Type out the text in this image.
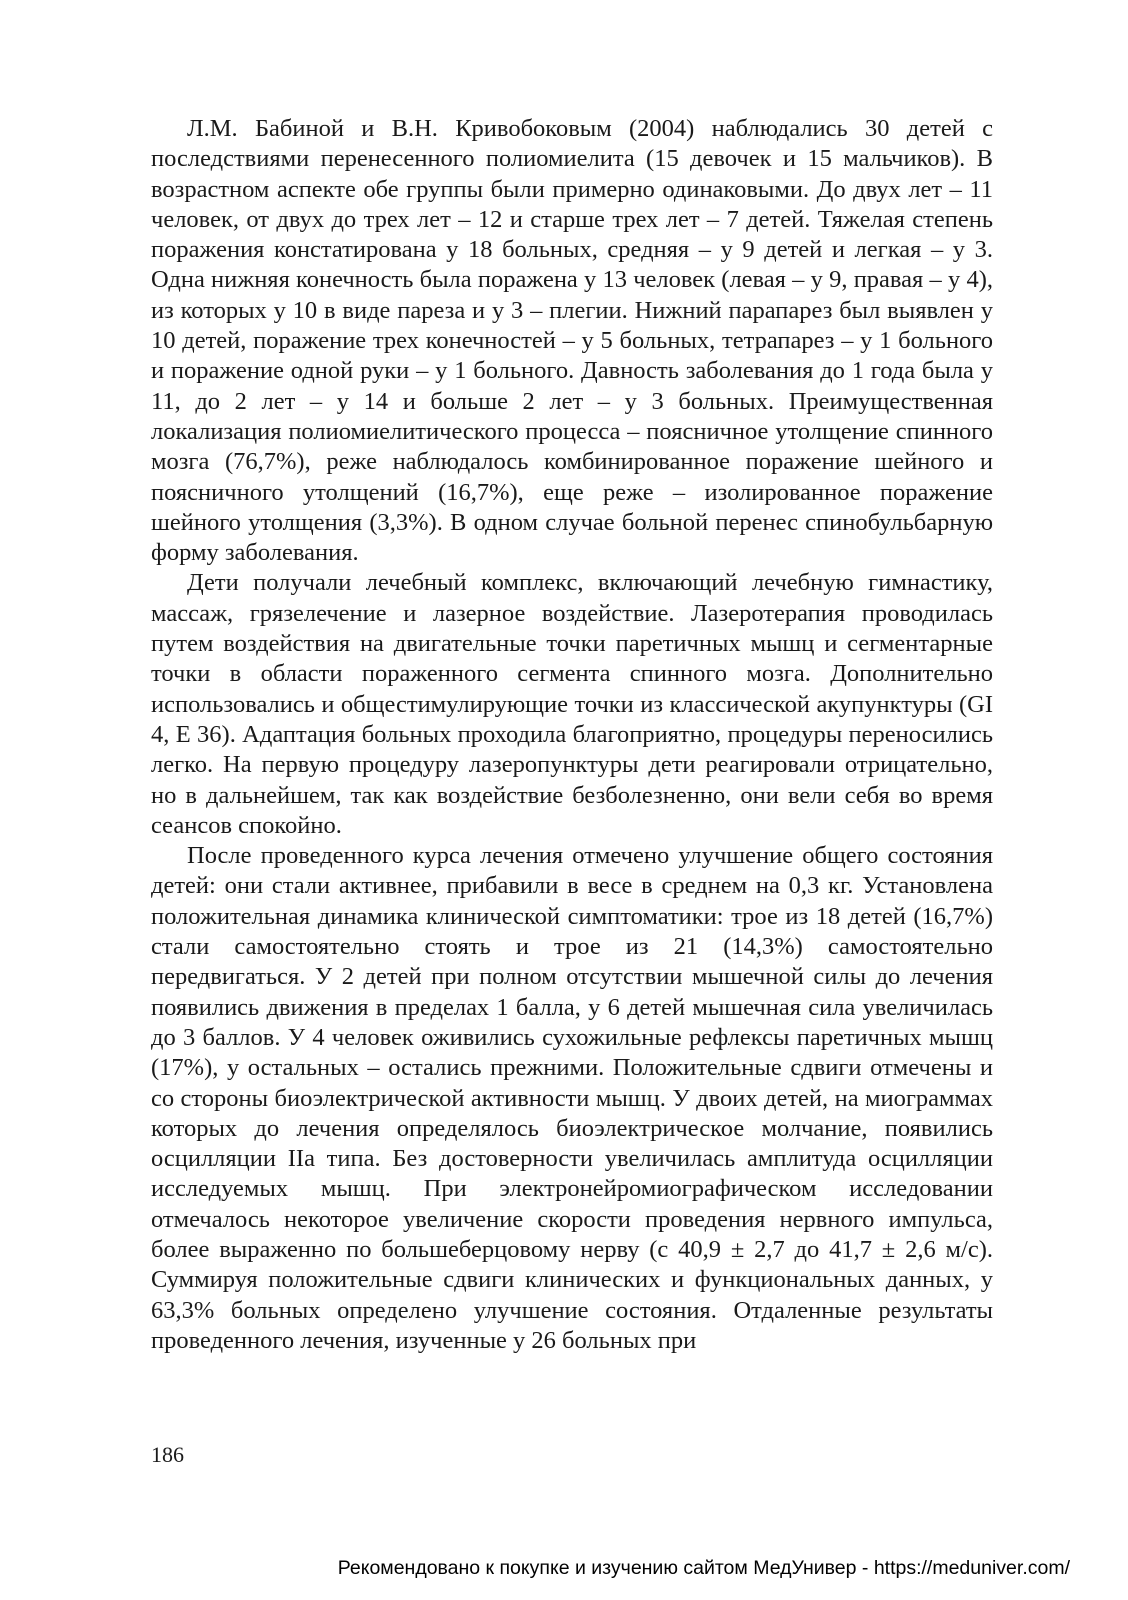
Л.М. Бабиной и В.Н. Кривобоковым (2004) наблюдались 30 детей с последствиями перенесенного полиомиелита (15 девочек и 15 мальчиков). В возрастном аспекте обе группы были примерно одинаковыми. До двух лет – 11 человек, от двух до трех лет – 12 и старше трех лет – 7 детей. Тяжелая степень поражения констатирована у 18 больных, средняя – у 9 детей и легкая – у 3. Одна нижняя конечность была поражена у 13 человек (левая – у 9, правая – у 4), из которых у 10 в виде пареза и у 3 – плегии. Нижний парапарез был выявлен у 10 детей, поражение трех конечностей – у 5 больных, тетрапарез – у 1 больного и поражение одной руки – у 1 больного. Давность заболевания до 1 года была у 11, до 2 лет – у 14 и больше 2 лет – у 3 больных. Преимущественная локализация полиомиелитического процесса – поясничное утолщение спинного мозга (76,7%), реже наблюдалось комбинированное поражение шейного и поясничного утолщений (16,7%), еще реже – изолированное поражение шейного утолщения (3,3%). В одном случае больной перенес спинобульбарную форму заболевания.

Дети получали лечебный комплекс, включающий лечебную гимнастику, массаж, грязелечение и лазерное воздействие. Лазеротерапия проводилась путем воздействия на двигательные точки паретичных мышц и сегментарные точки в области пораженного сегмента спинного мозга. Дополнительно использовались и общестимулирующие точки из классической акупунктуры (GI 4, E 36). Адаптация больных проходила благоприятно, процедуры переносились легко. На первую процедуру лазеропунктуры дети реагировали отрицательно, но в дальнейшем, так как воздействие безболезненно, они вели себя во время сеансов спокойно.

После проведенного курса лечения отмечено улучшение общего состояния детей: они стали активнее, прибавили в весе в среднем на 0,3 кг. Установлена положительная динамика клинической симптоматики: трое из 18 детей (16,7%) стали самостоятельно стоять и трое из 21 (14,3%) самостоятельно передвигаться. У 2 детей при полном отсутствии мышечной силы до лечения появились движения в пределах 1 балла, у 6 детей мышечная сила увеличилась до 3 баллов. У 4 человек оживились сухожильные рефлексы паретичных мышц (17%), у остальных – остались прежними. Положительные сдвиги отмечены и со стороны биоэлектрической активности мышц. У двоих детей, на миограммах которых до лечения определялось биоэлектрическое молчание, появились осцилляции IIа типа. Без достоверности увеличилась амплитуда осцилляции исследуемых мышц. При электронейромиографическом исследовании отмечалось некоторое увеличение скорости проведения нервного импульса, более выраженно по большеберцовому нерву (с 40,9 ± 2,7 до 41,7 ± 2,6 м/с). Суммируя положительные сдвиги клинических и функциональных данных, у 63,3% больных определено улучшение состояния. Отдаленные результаты проведенного лечения, изученные у 26 больных при

186
Рекомендовано к покупке и изучению сайтом МедУнивер - https://meduniver.com/
